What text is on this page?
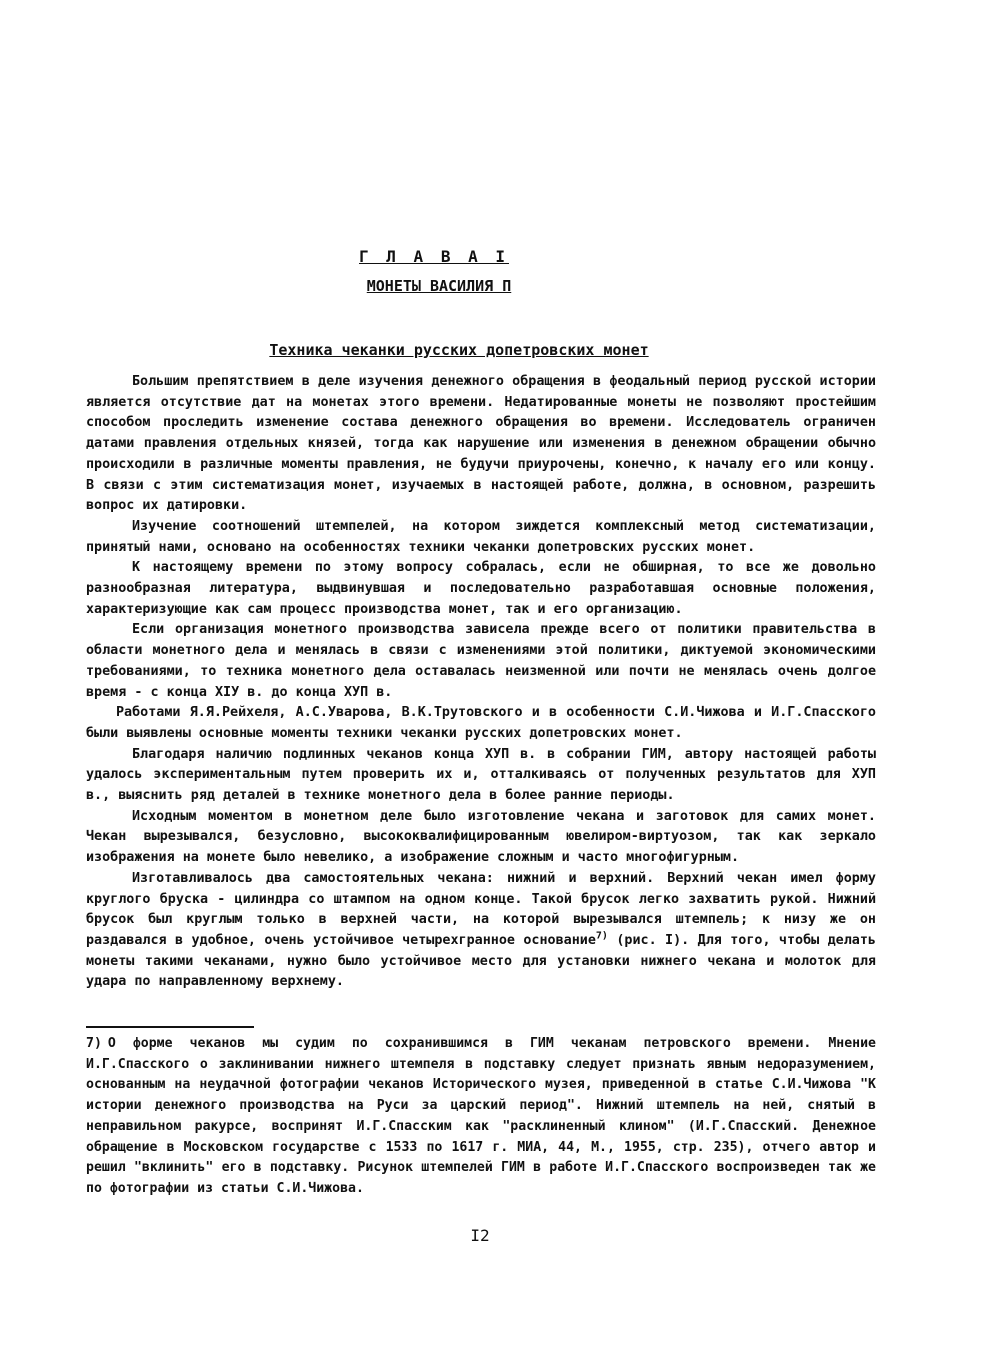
Г Л А В А I
МОНЕТЫ ВАСИЛИЯ П
Техника чеканки русских допетровских монет

Большим препятствием в деле изучения денежного обращения в феодальный период русской истории является отсутствие дат на монетах этого времени. Недатированные монеты не позволяют простейшим способом проследить изменение состава денежного обращения во времени. Исследователь ограничен датами правления отдельных князей, тогда как нарушение или изменения в денежном обращении обычно происходили в различные моменты правления, не будучи приурочены, конечно, к началу его или концу. В связи с этим систематизация монет, изучаемых в настоящей работе, должна, в основном, разрешить вопрос их датировки.

Изучение соотношений штемпелей, на котором зиждется комплексный метод систематизации, принятый нами, основано на особенностях техники чеканки допетровских русских монет.

К настоящему времени по этому вопросу собралась, если не обширная, то все же довольно разнообразная литература, выдвинувшая и последовательно разработавшая основные положения, характеризующие как сам процесс производства монет, так и его организацию.

Если организация монетного производства зависела прежде всего от политики правительства в области монетного дела и менялась в связи с изменениями этой политики, диктуемой экономическими требованиями, то техника монетного дела оставалась неизменной или почти не менялась очень долгое время - с конца ХIУ в. до конца ХУП в.

Работами Я.Я.Рейхеля, А.С.Уварова, В.К.Трутовского и в особенности С.И.Чижова и И.Г.Спасского были выявлены основные моменты техники чеканки русских допетровских монет.

Благодаря наличию подлинных чеканов конца ХУП в. в собрании ГИМ, автору настоящей работы удалось экспериментальным путем проверить их и, отталкиваясь от полученных результатов для ХУП в., выяснить ряд деталей в технике монетного дела в более ранние периоды.

Исходным моментом в монетном деле было изготовление чекана и заготовок для самих монет. Чекан вырезывался, безусловно, высококвалифицированным ювелиром-виртуозом, так как зеркало изображения на монете было невелико, а изображение сложным и часто многофигурным.

Изготавливалось два самостоятельных чекана: нижний и верхний. Верхний чекан имел форму круглого бруска - цилиндра со штампом на одном конце. Такой брусок легко захватить рукой. Нижний брусок был круглым только в верхней части, на которой вырезывался штемпель; к низу же он раздавался в удобное, очень устойчивое четырехгранное основание$^{7)}$ (рис. I). Для того, чтобы делать монеты такими чеканами, нужно было устойчивое место для установки нижнего чекана и молоток для удара по направленному верхнему.

7) О форме чеканов мы судим по сохранившимся в ГИМ чеканам петровского времени. Мнение И.Г.Спасского о заклинивании нижнего штемпеля в подставку следует признать явным недоразумением, основанным на неудачной фотографии чеканов Исторического музея, приведенной в статье С.И.Чижова "К истории денежного производства на Руси за царский период". Нижний штемпель на ней, снятый в неправильном ракурсе, воспринят И.Г.Спасским как "расклиненный клином" (И.Г.Спасский. Денежное обращение в Московском государстве с 1533 по 1617 г. МИА, 44, М., 1955, стр. 235), отчего автор и решил "вклинить" его в подставку. Рисунок штемпелей ГИМ в работе И.Г.Спасского воспроизведен так же по фотографии из статьи С.И.Чижова.
I2
